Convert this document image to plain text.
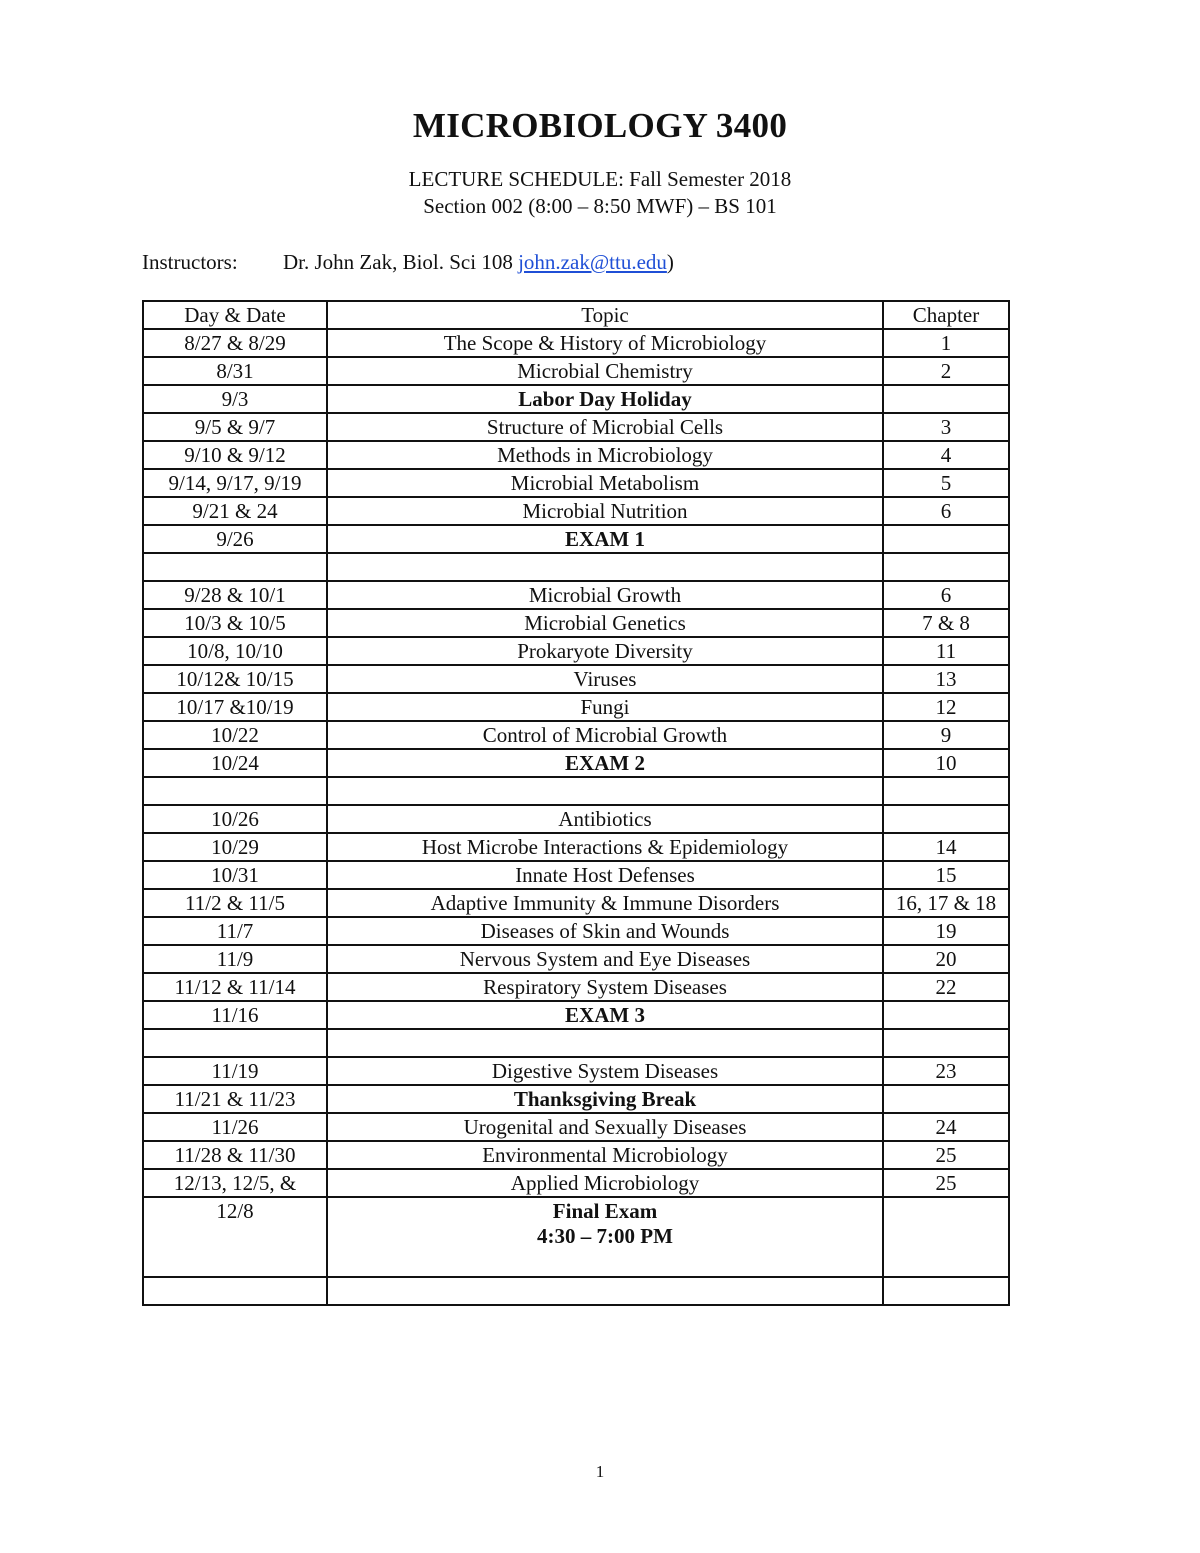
MICROBIOLOGY 3400
LECTURE SCHEDULE: Fall Semester 2018
Section 002 (8:00 – 8:50 MWF) – BS 101
Instructors: Dr. John Zak, Biol. Sci 108 john.zak@ttu.edu)
Day & Date	Topic	Chapter
8/27 & 8/29	The Scope & History of Microbiology	1
8/31	Microbial Chemistry	2
9/3	Labor Day Holiday	
9/5 & 9/7	Structure of Microbial Cells	3
9/10 & 9/12	Methods in Microbiology	4
9/14, 9/17, 9/19	Microbial Metabolism	5
9/21 & 24	Microbial Nutrition	6
9/26	EXAM 1	

9/28 & 10/1	Microbial Growth	6
10/3 & 10/5	Microbial Genetics	7 & 8
10/8, 10/10	Prokaryote Diversity	11
10/12& 10/15	Viruses	13
10/17 &10/19	Fungi	12
10/22	Control of Microbial Growth	9
10/24	EXAM 2	10

10/26	Antibiotics	
10/29	Host Microbe Interactions & Epidemiology	14
10/31	Innate Host Defenses	15
11/2 & 11/5	Adaptive Immunity & Immune Disorders	16, 17 & 18
11/7	Diseases of Skin and Wounds	19
11/9	Nervous System and Eye Diseases	20
11/12 & 11/14	Respiratory System Diseases	22
11/16	EXAM 3	

11/19	Digestive System Diseases	23
11/21 & 11/23	Thanksgiving Break	
11/26	Urogenital and Sexually Diseases	24
11/28 & 11/30	Environmental Microbiology	25
12/13, 12/5, &	Applied Microbiology	25
12/8	Final Exam
4:30 – 7:00 PM	

1
